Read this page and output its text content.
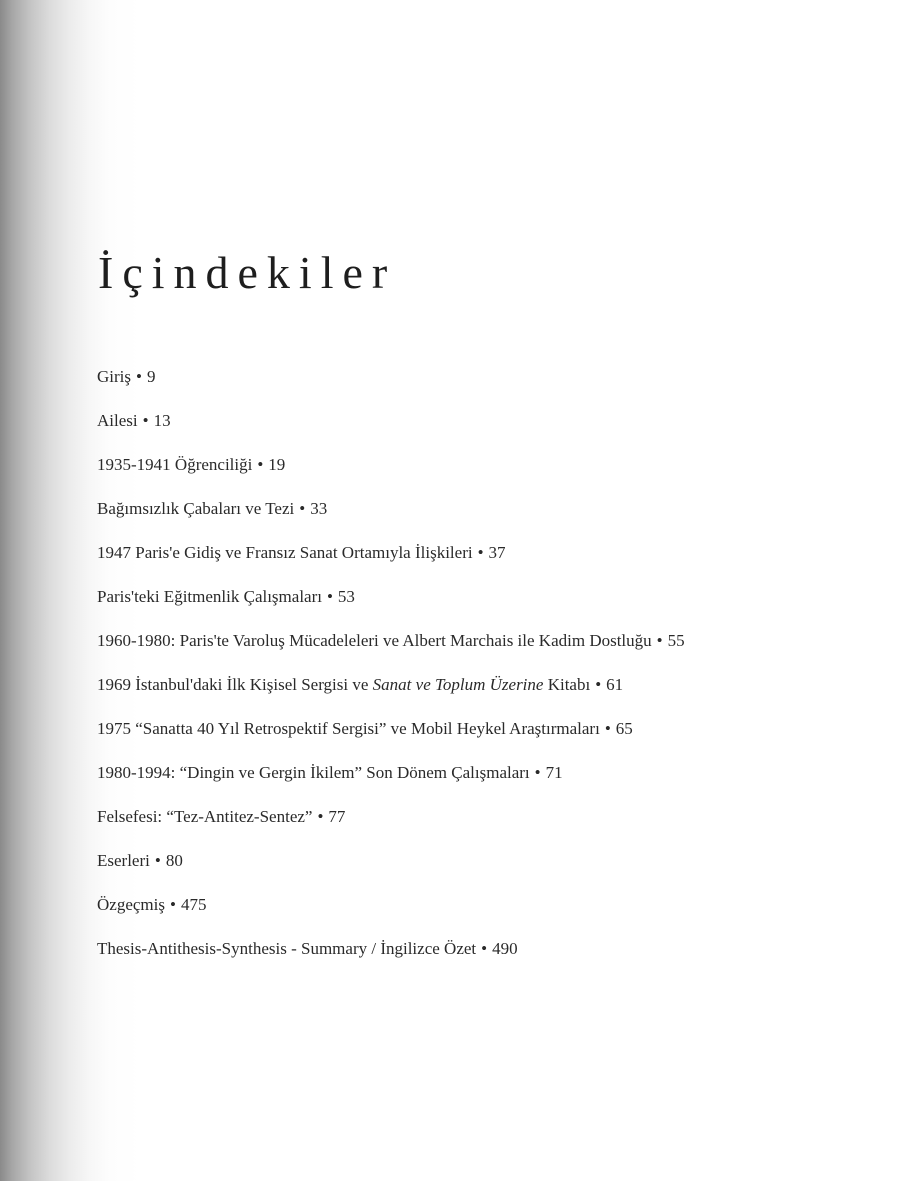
İçindekiler
Giriş • 9
Ailesi • 13
1935-1941 Öğrenciliği • 19
Bağımsızlık Çabaları ve Tezi • 33
1947 Paris'e Gidiş ve Fransız Sanat Ortamıyla İlişkileri • 37
Paris'teki Eğitmenlik Çalışmaları • 53
1960-1980: Paris'te Varoluş Mücadeleleri ve Albert Marchais ile Kadim Dostluğu • 55
1969 İstanbul'daki İlk Kişisel Sergisi ve Sanat ve Toplum Üzerine Kitabı • 61
1975 “Sanatta 40 Yıl Retrospektif Sergisi” ve Mobil Heykel Araştırmaları • 65
1980-1994: “Dingin ve Gergin İkilem” Son Dönem Çalışmaları • 71
Felsefesi: “Tez-Antitez-Sentez” • 77
Eserleri • 80
Özgeçmiş • 475
Thesis-Antithesis-Synthesis - Summary / İngilizce Özet • 490
